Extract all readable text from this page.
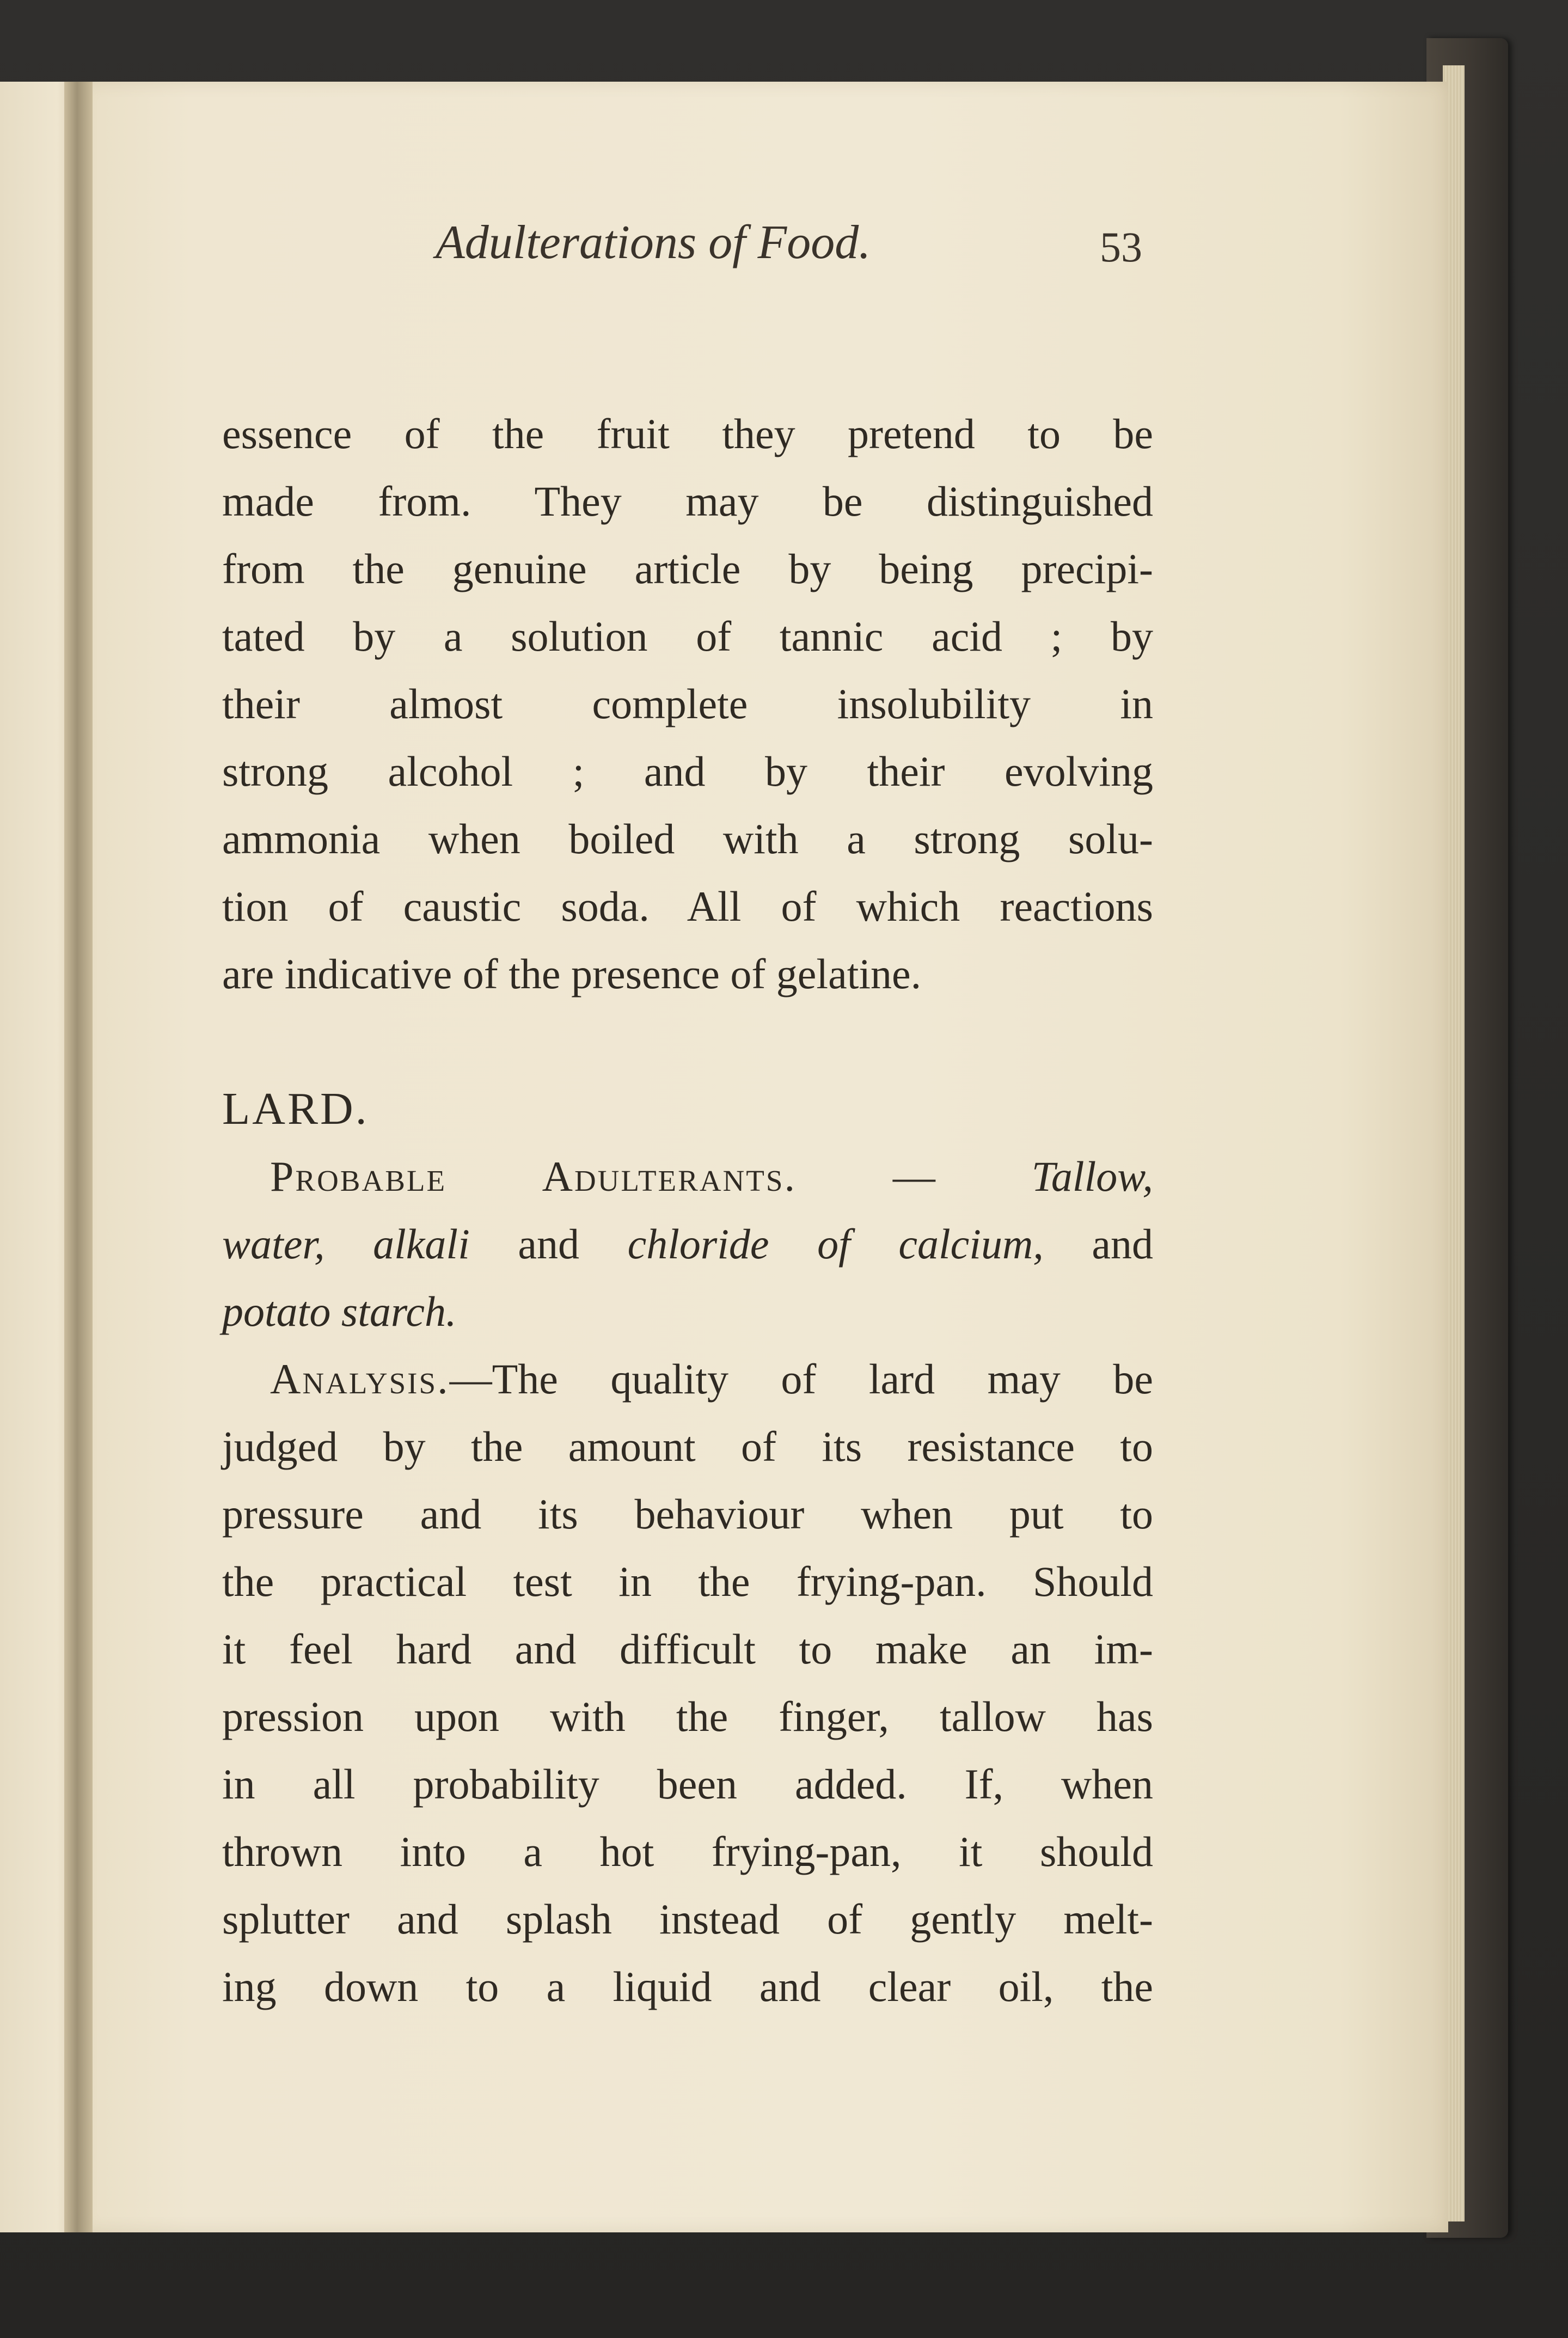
Adulterations of Food.	53
essence of the fruit they pretend to be
made from. They may be distinguished
from the genuine article by being precipi-
tated by a solution of tannic acid ; by
their almost complete insolubility in
strong alcohol ; and by their evolving
ammonia when boiled with a strong solu-
tion of caustic soda. All of which reactions
are indicative of the presence of gelatine.
LARD.
Probable Adulterants. — Tallow,
water, alkali and chloride of calcium, and
potato starch.
Analysis.—The quality of lard may be
judged by the amount of its resistance to
pressure and its behaviour when put to
the practical test in the frying-pan. Should
it feel hard and difficult to make an im-
pression upon with the finger, tallow has
in all probability been added. If, when
thrown into a hot frying-pan, it should
splutter and splash instead of gently melt-
ing down to a liquid and clear oil, the
